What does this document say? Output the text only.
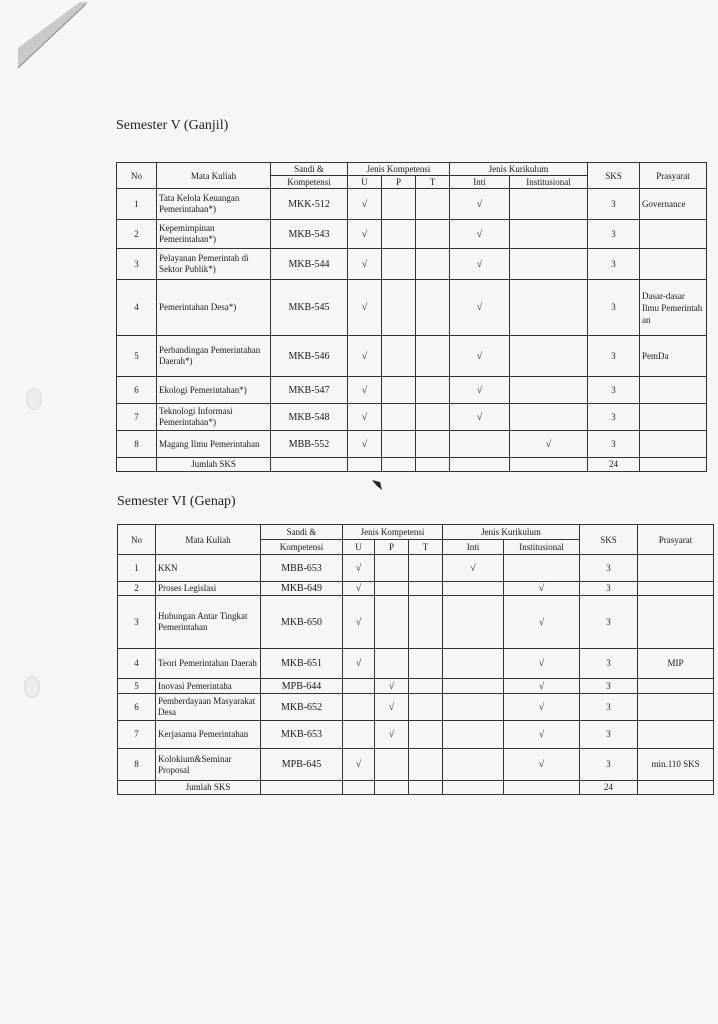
Semester V (Ganjil)
No	Mata Kuliah	Sandi &	Jenis Kompetensi			Jenis Kurikulum		SKS	Prasyarat
		Kompetensi	U	P	T	Inti	Institusional		
1	Tata Kelola Keuangan Pemerintahan*)	MKK-512	√			√		3	Governance
2	Kepemimpinan Pemerintahan*)	MKB-543	√			√		3	
3	Pelayanan Pemerintah di Sektor Publik*)	MKB-544	√			√		3	
4	Pemerintahan Desa*)	MKB-545	√			√		3	Dasar-dasar Ilmu Pemerintah an
5	Perbandingan Pemerintahan Daerah*)	MKB-546	√			√		3	PemDa
6	Ekologi Pemerintahan*)	MKB-547	√			√		3	
7	Teknologi Informasi Pemerintahan*)	MKB-548	√			√		3	
8	Magang Ilmu Pemerintahan	MBB-552	√				√	3	
	Jumlah SKS							24	
Semester VI (Genap)
No	Mata Kuliah	Sandi &	Jenis Kompetensi			Jenis Kurikulum		SKS	Prasyarat
		Kompetensi	U	P	T	Inti	Institusional		
1	KKN	MBB-653	√			√		3	
2	Proses Legislasi	MKB-649	√				√	3	
3	Hubungan Antar Tingkat Pemerintahan	MKB-650	√				√	3	
4	Teori Pemerintahan Daerah	MKB-651	√				√	3	MIP
5	Inovasi Pemerintaha	MPB-644		√			√	3	
6	Pemberdayaan Masyarakat Desa	MKB-652		√			√	3	
7	Kerjasama Pemerintahan	MKB-653		√			√	3	
8	Kolokium&Seminar Proposal	MPB-645	√				√	3	min.110 SKS
	Jumlah SKS							24	
